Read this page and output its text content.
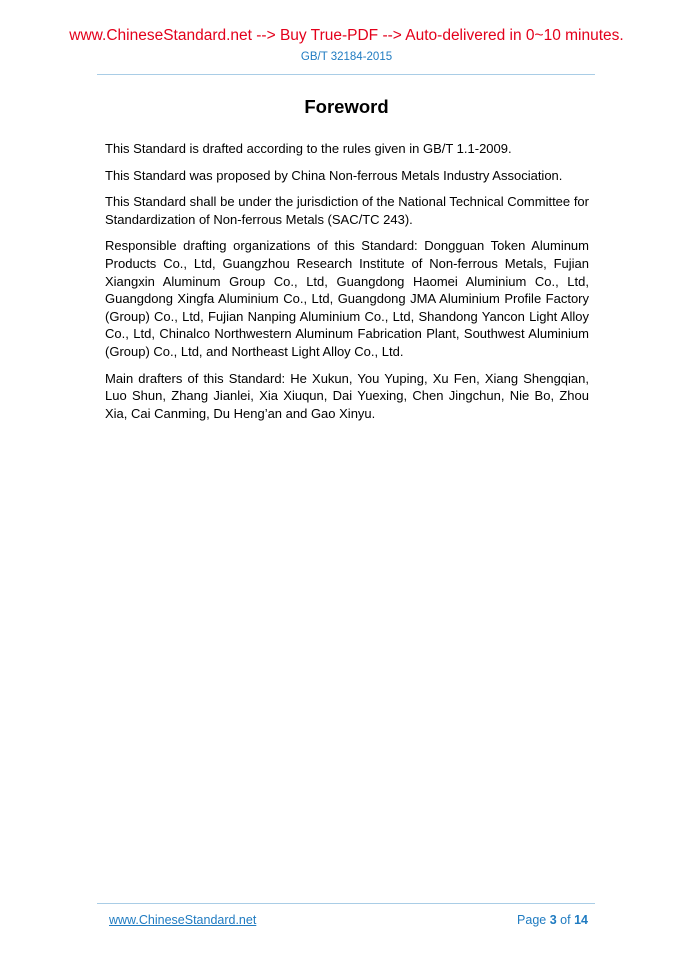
www.ChineseStandard.net --> Buy True-PDF --> Auto-delivered in 0~10 minutes.
GB/T 32184-2015
Foreword

This Standard is drafted according to the rules given in GB/T 1.1-2009.

This Standard was proposed by China Non-ferrous Metals Industry Association.

This Standard shall be under the jurisdiction of the National Technical Committee for Standardization of Non-ferrous Metals (SAC/TC 243).

Responsible drafting organizations of this Standard: Dongguan Token Aluminum Products Co., Ltd, Guangzhou Research Institute of Non-ferrous Metals, Fujian Xiangxin Aluminum Group Co., Ltd, Guangdong Haomei Aluminium Co., Ltd, Guangdong Xingfa Aluminium Co., Ltd, Guangdong JMA Aluminium Profile Factory (Group) Co., Ltd, Fujian Nanping Aluminium Co., Ltd, Shandong Yancon Light Alloy Co., Ltd, Chinalco Northwestern Aluminum Fabrication Plant, Southwest Aluminium (Group) Co., Ltd, and Northeast Light Alloy Co., Ltd.

Main drafters of this Standard: He Xukun, You Yuping, Xu Fen, Xiang Shengqian, Luo Shun, Zhang Jianlei, Xia Xiuqun, Dai Yuexing, Chen Jingchun, Nie Bo, Zhou Xia, Cai Canming, Du Heng’an and Gao Xinyu.

www.ChineseStandard.net	Page 3 of 14
